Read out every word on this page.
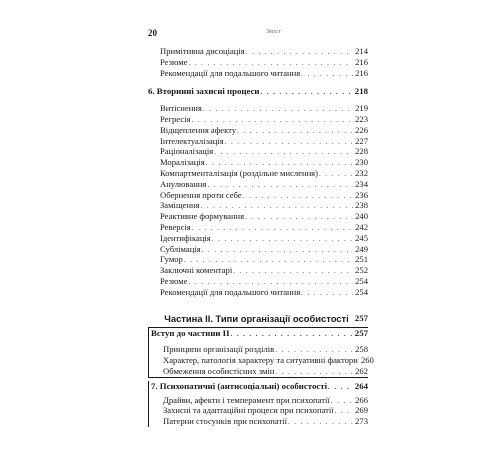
20	Зміст
Примітивна дисоціація . . .	214
Резюме . . .	216
Рекомендації для подальшого читання . . .	216
6. Вторинні захисні процеси . . .	218
Витіснення . . .	219
Регресія . . .	223
Відщеплення афекту . . .	226
Інтелектуалізація . . .	227
Раціоналізація . . .	228
Моралізація . . .	230
Компартменталізація (роздільне мислення) . . .	232
Анулювання . . .	234
Обернення проти себе . . .	236
Заміщення . . .	238
Реактивне формування . . .	240
Реверсія . . .	242
Ідентифікація . . .	245
Сублімація . . .	249
Гумор . . .	251
Заключні коментарі . . .	252
Резюме . . .	254
Рекомендації для подальшого читання . . .	254
Частина ІІ. Типи організації особистості 257
Вступ до частини ІІ . . .	257
Принципи організації розділів . . .	258
Характер, патологія характеру та ситуативні фактори 260
Обмеження особистісних змін . . .	262
7. Психопатичні (антисоціальні) особистості . . .	264
Драйви, афекти і темперамент при психопатії . . .	266
Захисні та адаптаційні процеси при психопатії . . . 269
Патерни стосунків при психопатії . . .	273
